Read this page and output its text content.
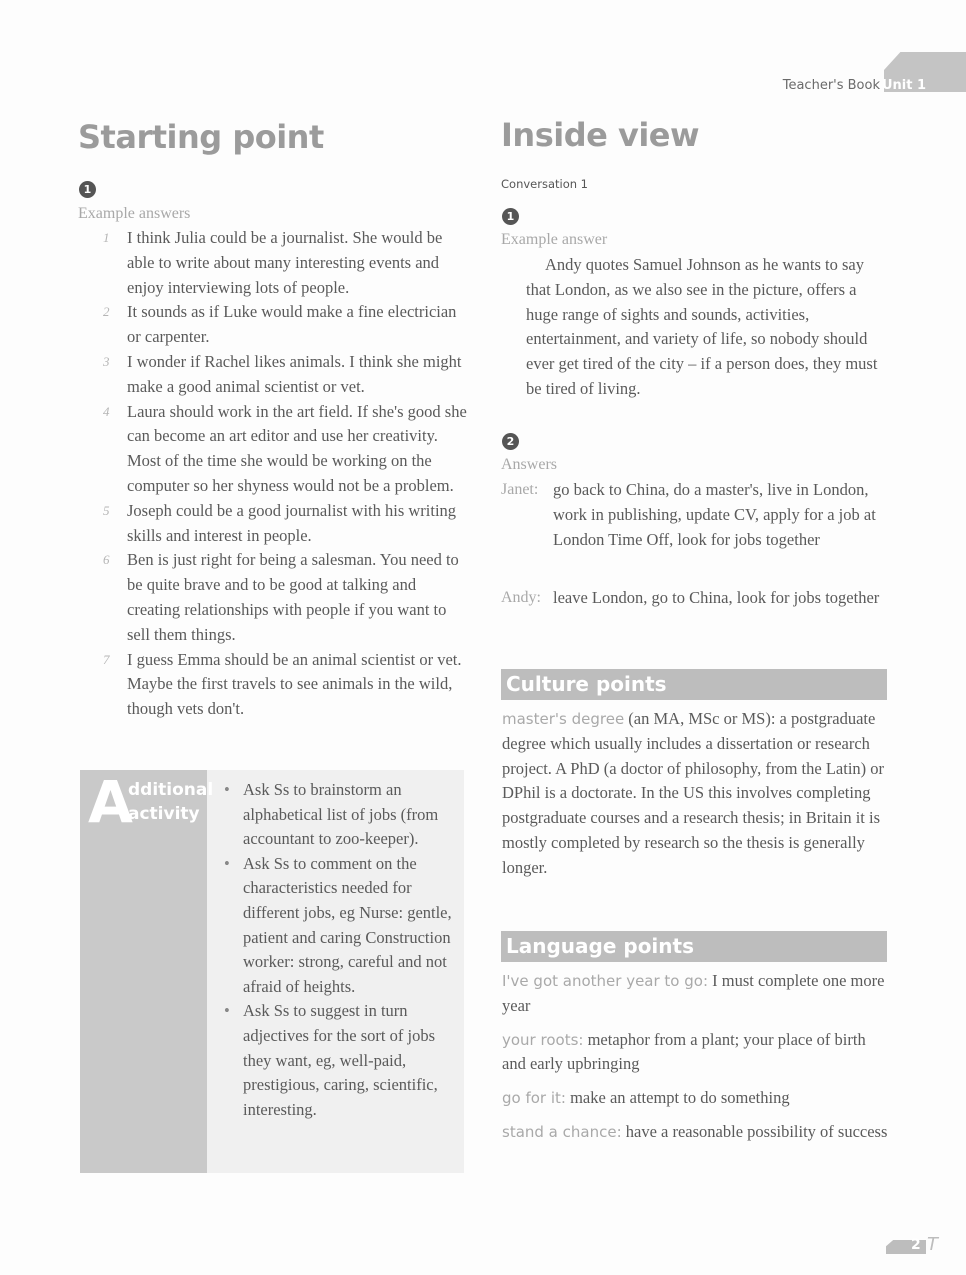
Teacher's Book Unit 1
Starting point
1
Example answers
1 I think Julia could be a journalist. She would be able to write about many interesting events and enjoy interviewing lots of people.
2 It sounds as if Luke would make a fine electrician or carpenter.
3 I wonder if Rachel likes animals. I think she might make a good animal scientist or vet.
4 Laura should work in the art field. If she's good she can become an art editor and use her creativity. Most of the time she would be working on the computer so her shyness would not be a problem.
5 Joseph could be a good journalist with his writing skills and interest in people.
6 Ben is just right for being a salesman. You need to be quite brave and to be good at talking and creating relationships with people if you want to sell them things.
7 I guess Emma should be an animal scientist or vet. Maybe the first travels to see animals in the wild, though vets don't.
A
dditional
activity
• Ask Ss to brainstorm an alphabetical list of jobs (from accountant to zoo-keeper).
• Ask Ss to comment on the characteristics needed for different jobs, eg Nurse: gentle, patient and caring Construction worker: strong, careful and not afraid of heights.
• Ask Ss to suggest in turn adjectives for the sort of jobs they want, eg, well-paid, prestigious, caring, scientific, interesting.
Inside view
Conversation 1
1
Example answer
Andy quotes Samuel Johnson as he wants to say that London, as we also see in the picture, offers a huge range of sights and sounds, activities, entertainment, and variety of life, so nobody should ever get tired of the city – if a person does, they must be tired of living.
2
Answers
Janet: go back to China, do a master's, live in London, work in publishing, update CV, apply for a job at London Time Off, look for jobs together
Andy: leave London, go to China, look for jobs together
Culture points
master's degree (an MA, MSc or MS): a postgraduate degree which usually includes a dissertation or research project. A PhD (a doctor of philosophy, from the Latin) or DPhil is a doctorate. In the US this involves completing postgraduate courses and a research thesis; in Britain it is mostly completed by research so the thesis is generally longer.
Language points
I've got another year to go: I must complete one more year
your roots: metaphor from a plant; your place of birth and early upbringing
go for it: make an attempt to do something
stand a chance: have a reasonable possibility of success
2 T
